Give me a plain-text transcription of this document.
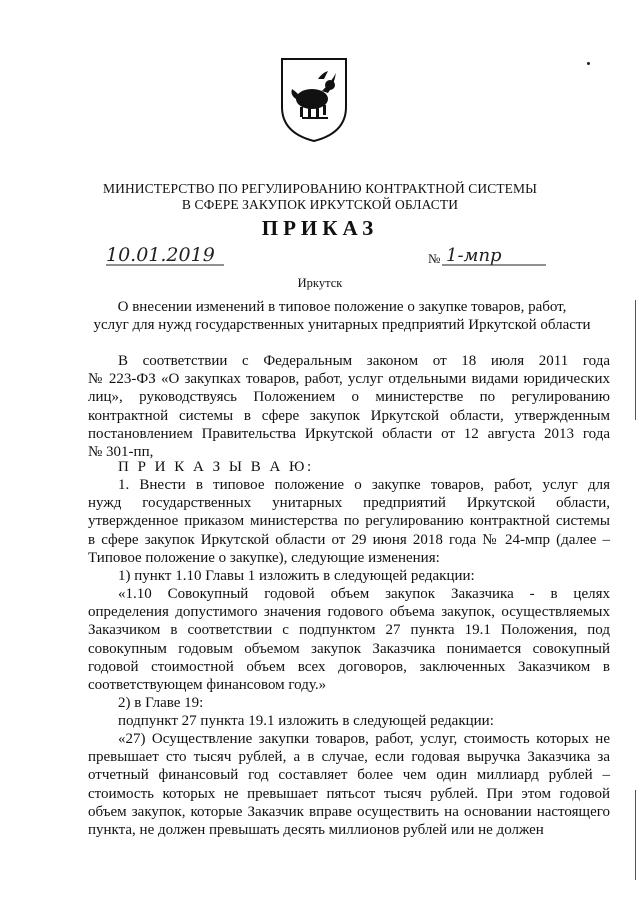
МИНИСТЕРСТВО ПО РЕГУЛИРОВАНИЮ КОНТРАКТНОЙ СИСТЕМЫ
В СФЕРЕ ЗАКУПОК ИРКУТСКОЙ ОБЛАСТИ
ПРИКАЗ
10.01.2019	№ 1-мпр
Иркутск
О внесении изменений в типовое положение о закупке товаров, работ,
услуг для нужд государственных унитарных предприятий Иркутской области
В соответствии с Федеральным законом от 18 июля 2011 года
№ 223-ФЗ «О закупках товаров, работ, услуг отдельными видами юридических
лиц», руководствуясь Положением о министерстве по регулированию
контрактной системы в сфере закупок Иркутской области, утвержденным
постановлением Правительства Иркутской области от 12 августа 2013 года
№ 301-пп,
П Р И К А З Ы В А Ю:
1. Внести в типовое положение о закупке товаров, работ, услуг для
нужд государственных унитарных предприятий Иркутской области,
утвержденное приказом министерства по регулированию контрактной системы
в сфере закупок Иркутской области от 29 июня 2018 года № 24-мпр (далее –
Типовое положение о закупке), следующие изменения:
1) пункт 1.10 Главы 1 изложить в следующей редакции:
«1.10 Совокупный годовой объем закупок Заказчика - в целях
определения допустимого значения годового объема закупок, осуществляемых
Заказчиком в соответствии с подпунктом 27 пункта 19.1 Положения, под
совокупным годовым объемом закупок Заказчика понимается совокупный
годовой стоимостной объем всех договоров, заключенных Заказчиком в
соответствующем финансовом году.»
2) в Главе 19:
подпункт 27 пункта 19.1 изложить в следующей редакции:
«27) Осуществление закупки товаров, работ, услуг, стоимость которых не
превышает сто тысяч рублей, а в случае, если годовая выручка Заказчика за
отчетный финансовый год составляет более чем один миллиард рублей –
стоимость которых не превышает пятьсот тысяч рублей. При этом годовой
объем закупок, которые Заказчик вправе осуществить на основании настоящего
пункта, не должен превышать десять миллионов рублей или не должен
